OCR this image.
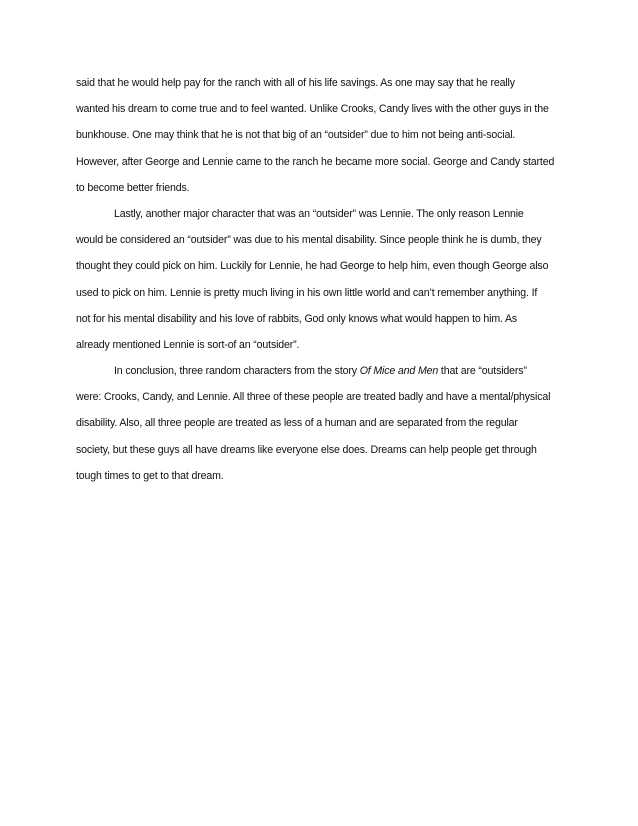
said that he would help pay for the ranch with all of his life savings. As one may say that he really
wanted his dream to come true and to feel wanted. Unlike Crooks, Candy lives with the other guys in the
bunkhouse. One may think that he is not that big of an “outsider” due to him not being anti-social.
However, after George and Lennie came to the ranch he became more social. George and Candy started
to become better friends.
Lastly, another major character that was an “outsider” was Lennie. The only reason Lennie
would be considered an “outsider” was due to his mental disability. Since people think he is dumb, they
thought they could pick on him. Luckily for Lennie, he had George to help him, even though George also
used to pick on him. Lennie is pretty much living in his own little world and can’t remember anything. If
not for his mental disability and his love of rabbits, God only knows what would happen to him. As
already mentioned Lennie is sort-of an “outsider”.
In conclusion, three random characters from the story Of Mice and Men that are “outsiders”
were: Crooks, Candy, and Lennie. All three of these people are treated badly and have a mental/physical
disability. Also, all three people are treated as less of a human and are separated from the regular
society, but these guys all have dreams like everyone else does. Dreams can help people get through
tough times to get to that dream.
